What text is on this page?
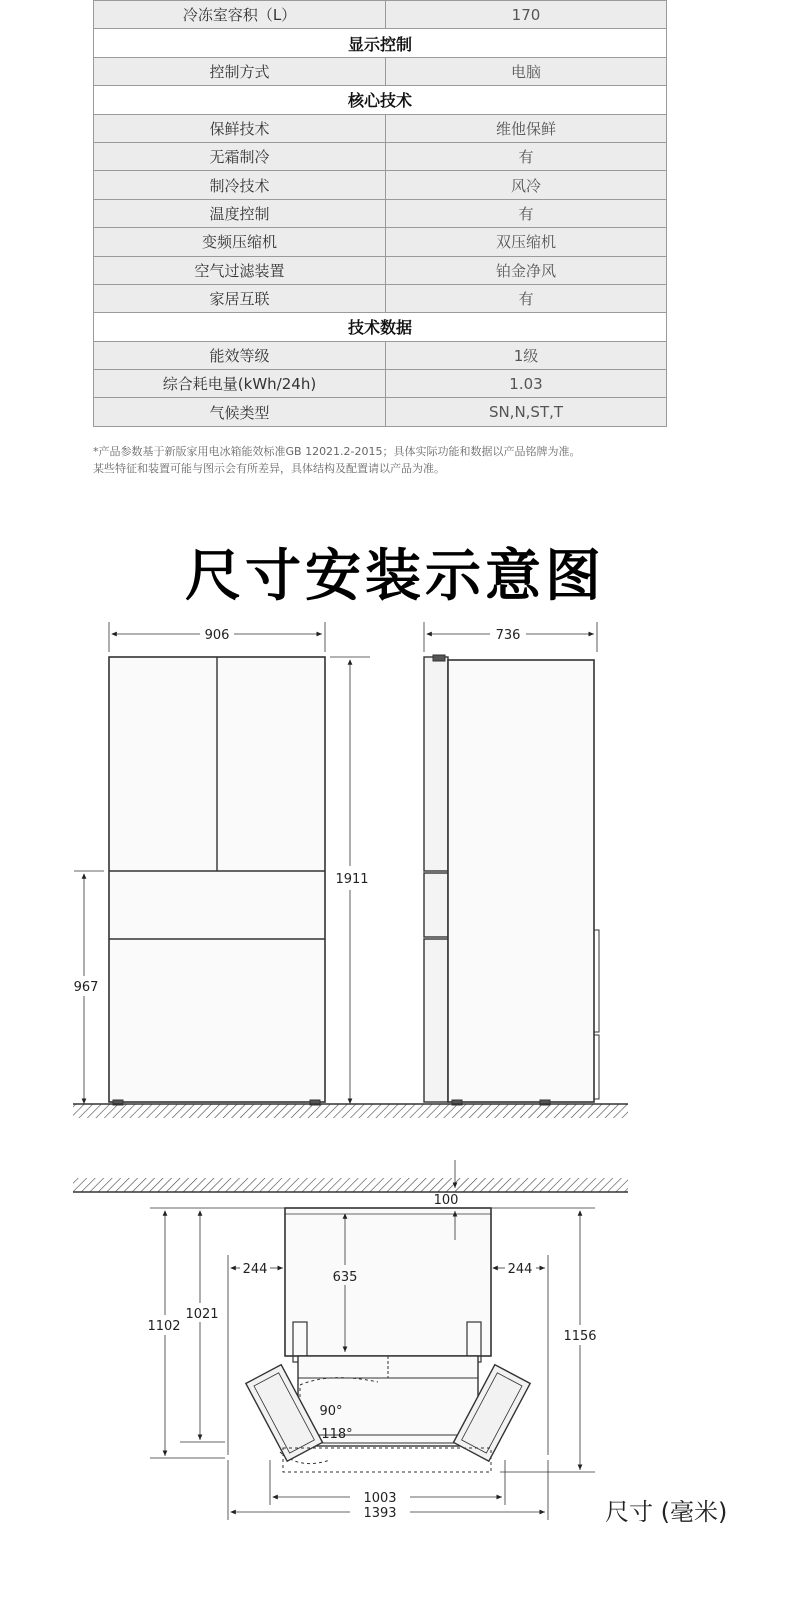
冷冻室容积（L）	170
显示控制	
控制方式	电脑
核心技术	
保鲜技术	维他保鲜
无霜制冷	有
制冷技术	风冷
温度控制	有
变频压缩机	双压缩机
空气过滤装置	铂金净风
家居互联	有
技术数据	
能效等级	1级
综合耗电量(kWh/24h)	1.03
气候类型	SN,N,ST,T
*产品参数基于新版家用电冰箱能效标准GB 12021.2-2015；具体实际功能和数据以产品铭牌为准。
某些特征和装置可能与图示会有所差异，具体结构及配置请以产品为准。
尺寸安装示意图
906
1911
967
736
100
244	244
635
1021
1102
1156
90°
118°
1003
1393	尺寸 (毫米)
